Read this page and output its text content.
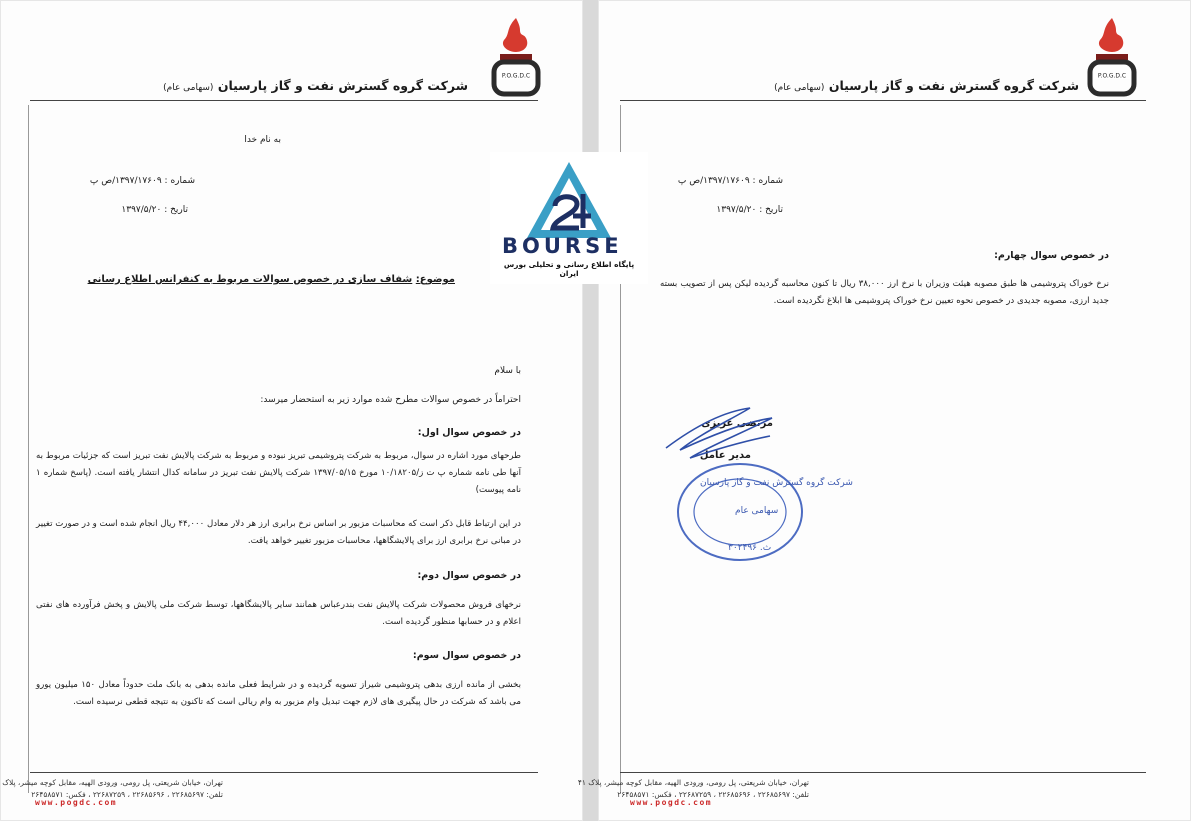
P.O.G.D.C
شرکت گروه گسترش نفت و گاز پارسیان (سهامی عام)
به نام خدا
شماره : ۱۳۹۷/۱۷۶۰۹/ص پ
تاریخ : ۱۳۹۷/۵/۲۰
موضوع: شفاف سازی در خصوص سوالات مربوط به کنفرانس اطلاع رسانی
با سلام
احتراماً در خصوص سوالات مطرح شده موارد زیر به استحضار میرسد:
در خصوص سوال اول:
طرحهای مورد اشاره در سوال، مربوط به شرکت پتروشیمی تبریز نبوده و مربوط به شرکت پالایش نفت تبریز است که جزئیات مربوط به آنها طی نامه شماره پ ت ز/۱۰/۱۸۲۰۵ مورخ ۱۳۹۷/۰۵/۱۵ شرکت پالایش نفت تبریز در سامانه کدال انتشار یافته است. (پاسخ شماره ۱ نامه پیوست)
در این ارتباط قابل ذکر است که محاسبات مزبور بر اساس نرخ برابری ارز هر دلار معادل ۴۴,۰۰۰ ریال انجام شده است و در صورت تغییر در مبانی نرخ برابری ارز برای پالایشگاهها، محاسبات مزبور تغییر خواهد یافت.
در خصوص سوال دوم:
نرخهای فروش محصولات شرکت پالایش نفت بندرعباس همانند سایر پالایشگاهها، توسط شرکت ملی پالایش و پخش فرآورده های نفتی اعلام و در حسابها منظور گردیده است.
در خصوص سوال سوم:
بخشی از مانده ارزی بدهی پتروشیمی شیراز تسویه گردیده و در شرایط فعلی مانده بدهی به بانک ملت حدوداً معادل ۱۵۰ میلیون یورو می باشد که شرکت در حال پیگیری های لازم جهت تبدیل وام مزبور به وام ریالی است که تاکنون به نتیجه قطعی نرسیده است.
تهران، خیابان شریعتی، پل رومی، ورودی الهیه، مقابل کوچه میشر، پلاک
تلفن: ۲۲۶۸۵۶۹۷ ، ۲۲۶۸۵۶۹۶ ، ۲۲۶۸۷۲۵۹ ، فکس: ۲۶۴۵۸۵۷۱
www.pogdc.com
P.O.G.D.C
شرکت گروه گسترش نفت و گاز پارسیان (سهامی عام)
شماره : ۱۳۹۷/۱۷۶۰۹/ص پ
تاریخ : ۱۳۹۷/۵/۲۰
در خصوص سوال چهارم:
نرخ خوراک پتروشیمی ها طبق مصوبه هیئت وزیران با نرخ ارز ۳۸,۰۰۰ ریال تا کنون محاسبه گردیده لیکن پس از تصویب بسته جدید ارزی، مصوبه جدیدی در خصوص نحوه تعیین نرخ خوراک پتروشیمی ها ابلاغ نگردیده است.
مرتضی عزیزی
مدیر عامل
تهران، خیابان شریعتی، پل رومی، ورودی الهیه، مقابل کوچه میشر، پلاک ۴۱
تلفن: ۲۲۶۸۵۶۹۷ ، ۲۲۶۸۵۶۹۶ ، ۲۲۶۸۷۲۵۹ ، فکس: ۲۶۴۵۸۵۷۱
www.pogdc.com
شرکت گروه گسترش نفت و گاز پارسیان
سهامی عام
ث. ۳۰۲۴۹۶
BOURSE
پایگاه اطلاع رسانی و تحلیلی بورس ایران
